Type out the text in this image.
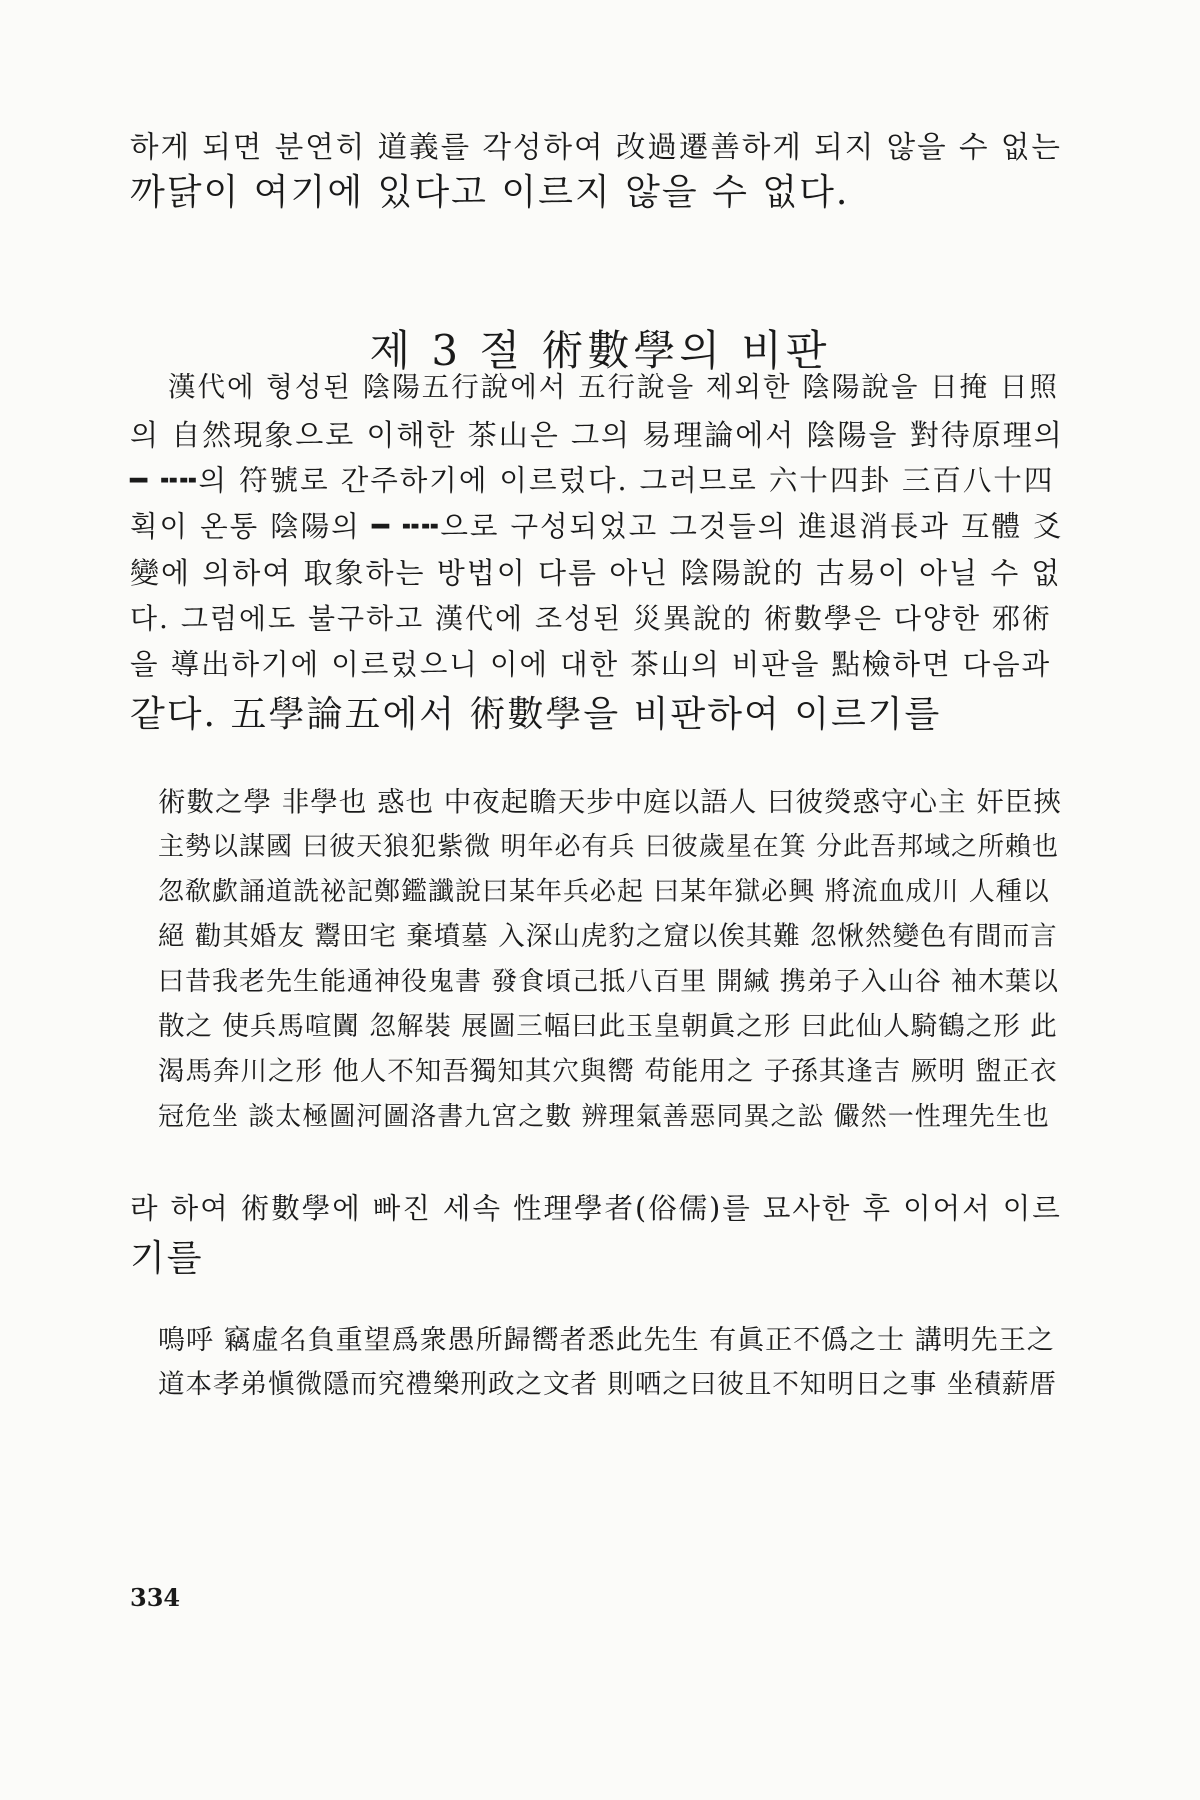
하게 되면 분연히 道義를 각성하여 改過遷善하게 되지 않을 수 없는
까닭이 여기에 있다고 이르지 않을 수 없다.
제 3 절 術數學의 비판
漢代에 형성된 陰陽五行說에서 五行說을 제외한 陰陽說을 日掩 日照
의 自然現象으로 이해한 茶山은 그의 易理論에서 陰陽을 對待原理의
━ ╍╍의 符號로 간주하기에 이르렀다. 그러므로 六十四卦 三百八十四
획이 온통 陰陽의 ━ ╍╍으로 구성되었고 그것들의 進退消長과 互體 爻
變에 의하여 取象하는 방법이 다름 아닌 陰陽說的 古易이 아닐 수 없
다. 그럼에도 불구하고 漢代에 조성된 災異說的 術數學은 다양한 邪術
을 導出하기에 이르렀으니 이에 대한 茶山의 비판을 點檢하면 다음과
같다. 五學論五에서 術數學을 비판하여 이르기를
術數之學 非學也 惑也 中夜起瞻天步中庭以語人 曰彼熒惑守心主 奸臣挾
主勢以謀國 曰彼天狼犯紫微 明年必有兵 曰彼歲星在箕 分此吾邦域之所賴也
忽欷歔誦道詵祕記鄭鑑讖說曰某年兵必起 曰某年獄必興 將流血成川 人種以
絕 勸其婚友 鬻田宅 棄墳墓 入深山虎豹之窟以俟其難 忽愀然變色有間而言
曰昔我老先生能通神役鬼書 發食頃己抵八百里 開緘 携弟子入山谷 袖木葉以
散之 使兵馬喧闐 忽解裝 展圖三幅曰此玉皇朝眞之形 曰此仙人騎鶴之形 此
渴馬奔川之形 他人不知吾獨知其穴與嚮 苟能用之 子孫其逢吉 厥明 盥正衣
冠危坐 談太極圖河圖洛書九宮之數 辨理氣善惡同異之訟 儼然一性理先生也
라 하여 術數學에 빠진 세속 性理學者(俗儒)를 묘사한 후 이어서 이르
기를
鳴呼 竊虛名負重望爲衆愚所歸嚮者悉此先生 有眞正不僞之士 講明先王之
道本孝弟愼微隱而究禮樂刑政之文者 則哂之曰彼且不知明日之事 坐積薪厝
334
